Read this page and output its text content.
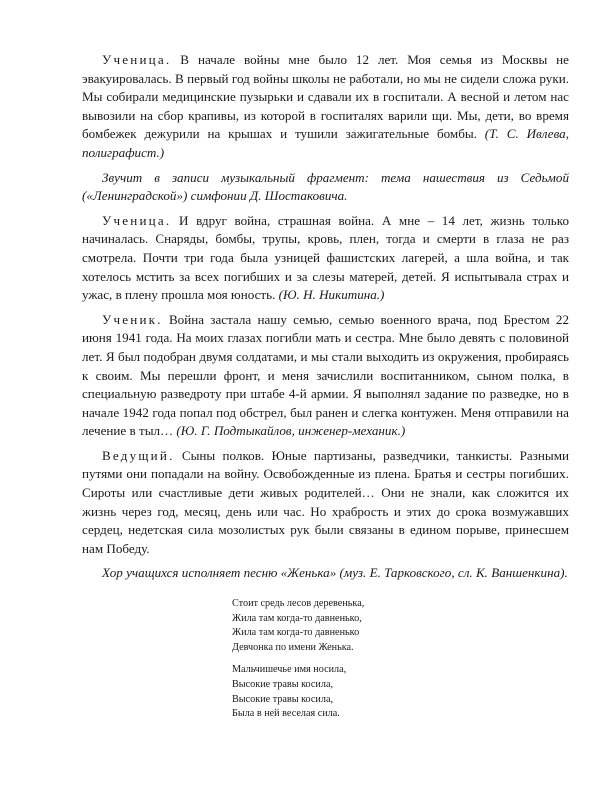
Ученица. В начале войны мне было 12 лет. Моя семья из Москвы не эвакуировалась. В первый год войны школы не работали, но мы не сидели сложа руки. Мы собирали медицинские пузырьки и сдавали их в госпитали. А весной и летом нас вывозили на сбор крапивы, из которой в госпиталях варили щи. Мы, дети, во время бомбежек дежурили на крышах и тушили зажигательные бомбы. (Т. С. Ивлева, полиграфист.)

Звучит в записи музыкальный фрагмент: тема нашествия из Седьмой («Ленинградской») симфонии Д. Шостаковича.

Ученица. И вдруг война, страшная война. А мне – 14 лет, жизнь только начиналась. Снаряды, бомбы, трупы, кровь, плен, тогда и смерти в глаза не раз смотрела. Почти три года была узницей фашистских лагерей, а шла война, и так хотелось мстить за всех погибших и за слезы матерей, детей. Я испытывала страх и ужас, в плену прошла моя юность. (Ю. Н. Никитина.)

Ученик. Война застала нашу семью, семью военного врача, под Брестом 22 июня 1941 года. На моих глазах погибли мать и сестра. Мне было девять с половиной лет. Я был подобран двумя солдатами, и мы стали выходить из окружения, пробираясь к своим. Мы перешли фронт, и меня зачислили воспитанником, сыном полка, в специальную разведроту при штабе 4-й армии. Я выполнял задание по разведке, но в начале 1942 года попал под обстрел, был ранен и слегка контужен. Меня отправили на лечение в тыл… (Ю. Г. Подтыкайлов, инженер-механик.)

Ведущий. Сыны полков. Юные партизаны, разведчики, танкисты. Разными путями они попадали на войну. Освобожденные из плена. Братья и сестры погибших. Сироты или счастливые дети живых родителей… Они не знали, как сложится их жизнь через год, месяц, день или час. Но храбрость и этих до срока возмужавших сердец, недетская сила мозолистых рук были связаны в едином порыве, принесшем нам Победу.

Хор учащихся исполняет песню «Женька» (муз. Е. Тарковского, сл. К. Ваншенкина).

Стоит средь лесов деревенька,
Жила там когда-то давненько,
Жила там когда-то давненько
Девчонка по имени Женька.
Мальчишечье имя носила,
Высокие травы косила,
Высокие травы косила,
Была в ней веселая сила.
